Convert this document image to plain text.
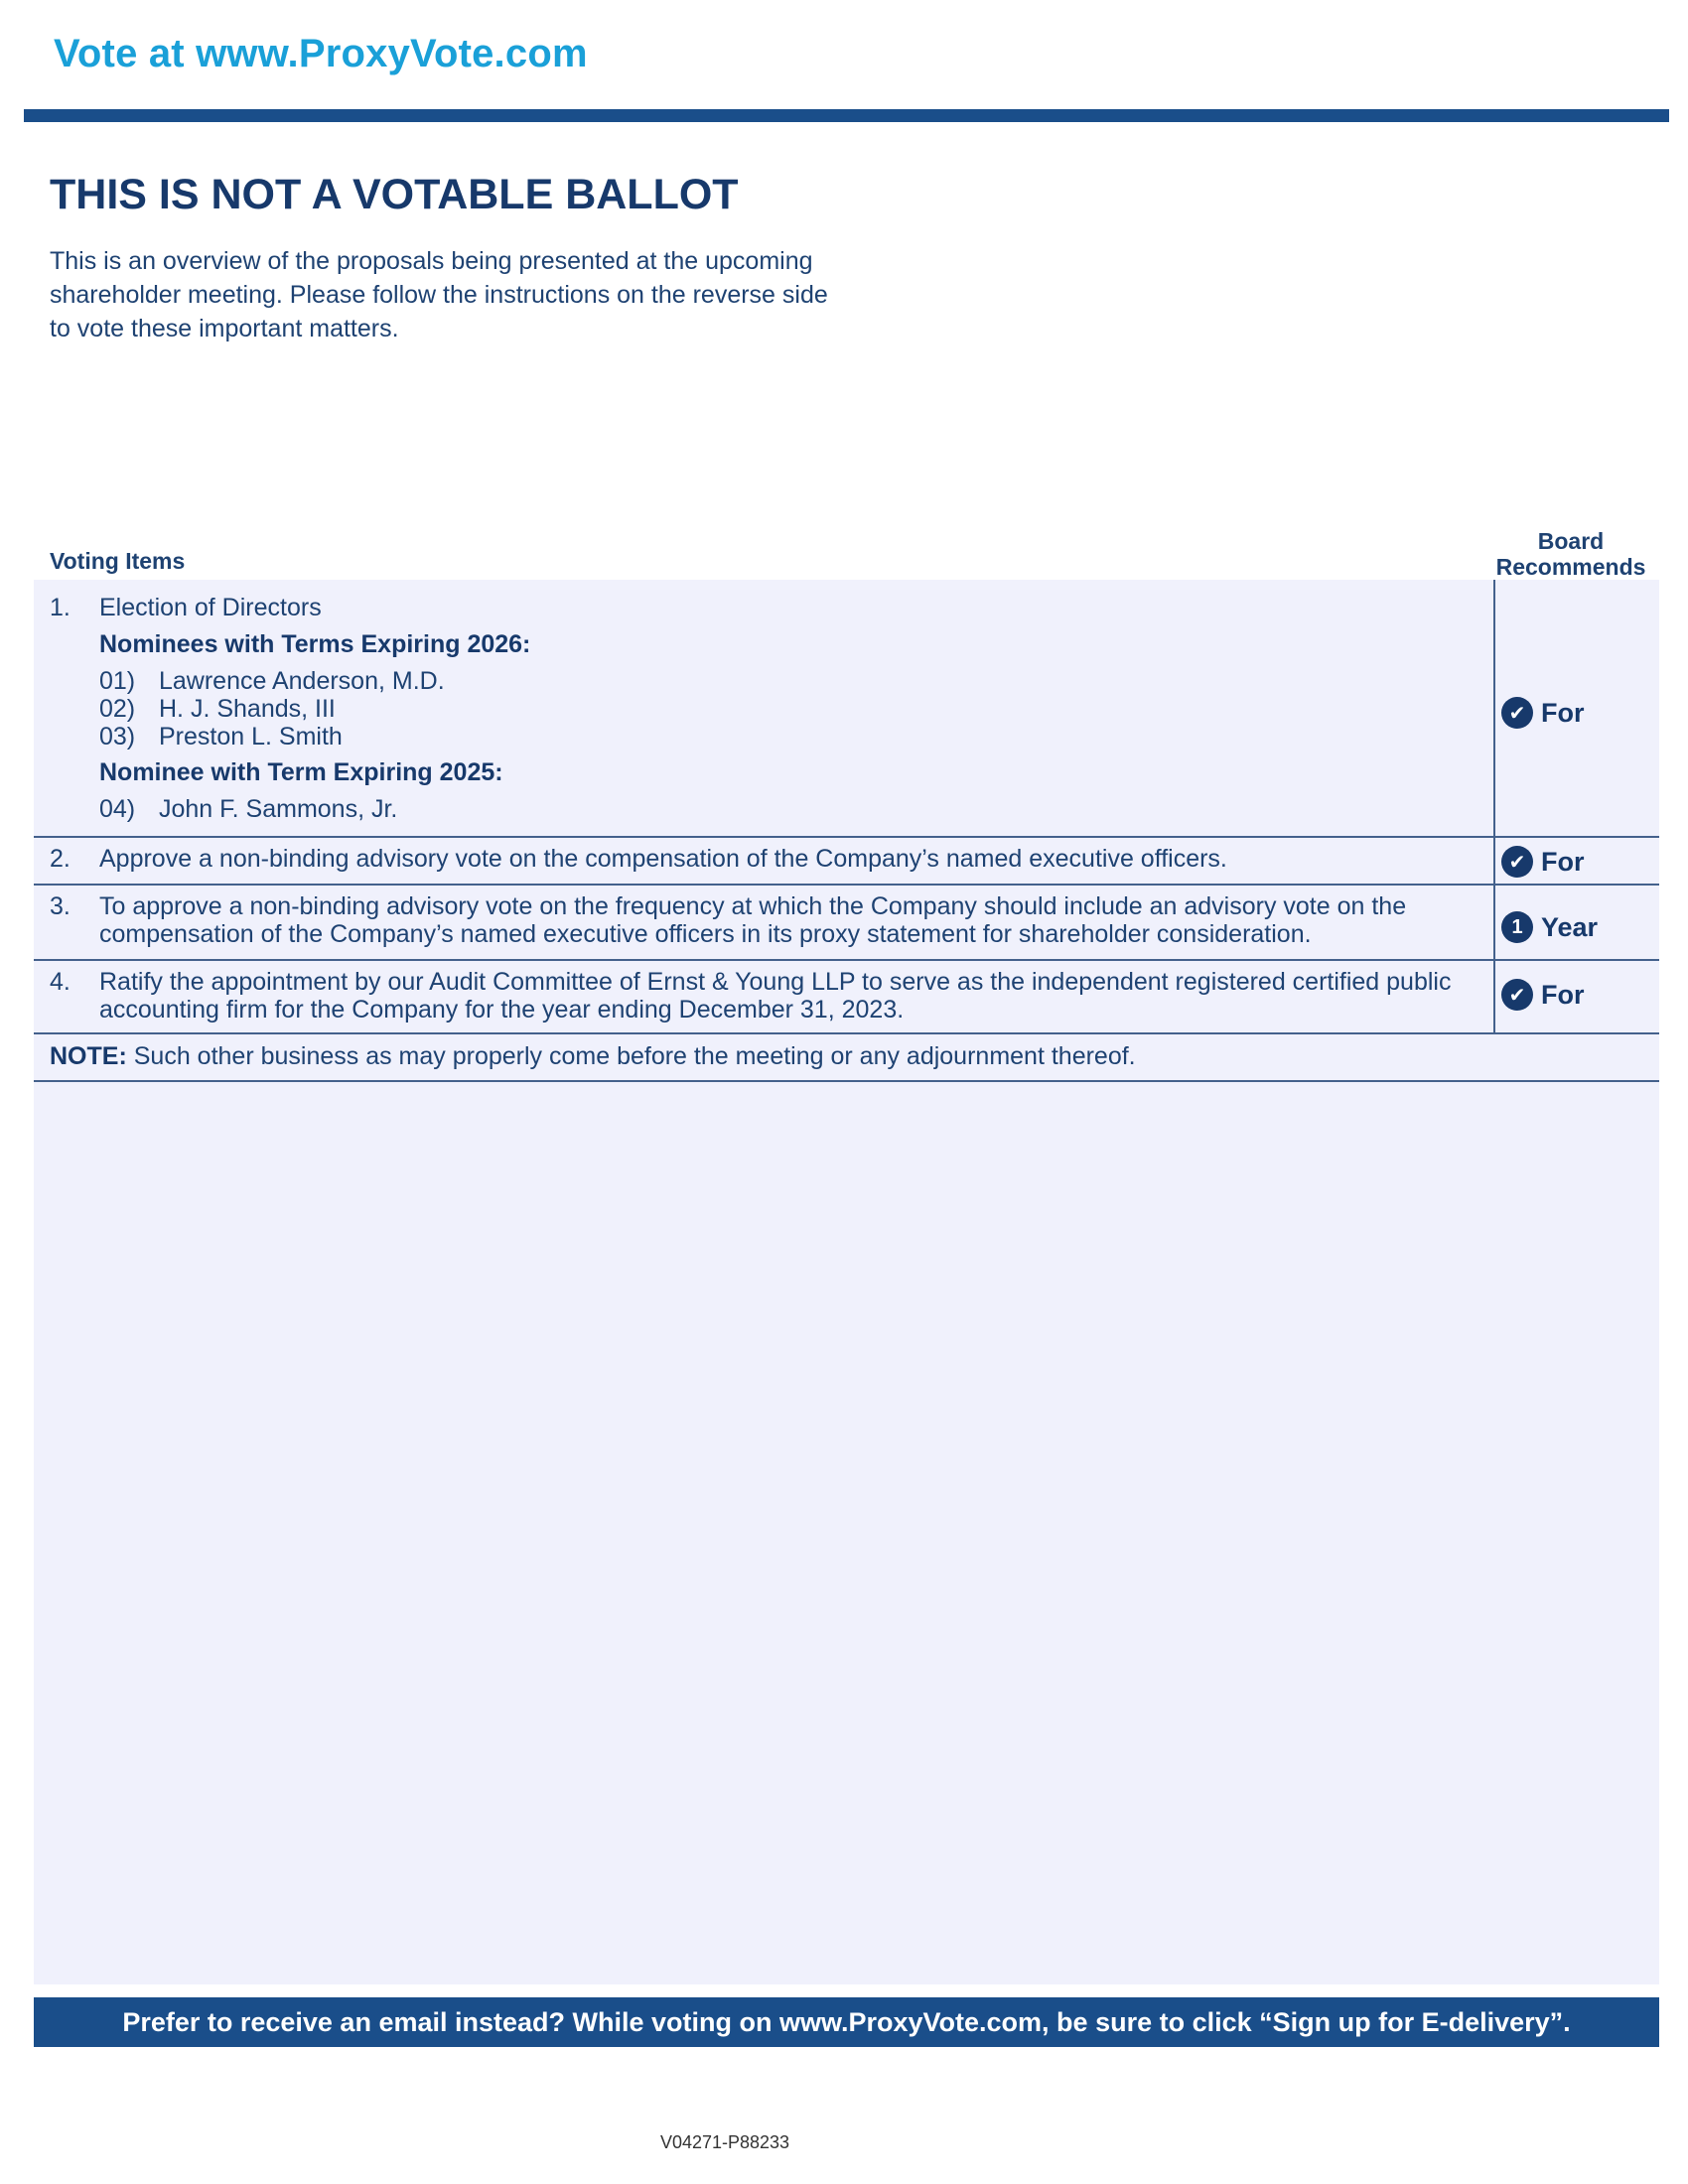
Vote at www.ProxyVote.com
THIS IS NOT A VOTABLE BALLOT
This is an overview of the proposals being presented at the upcoming shareholder meeting. Please follow the instructions on the reverse side to vote these important matters.
Voting Items
Board Recommends
1. Election of Directors
Nominees with Terms Expiring 2026:
01) Lawrence Anderson, M.D.
02) H. J. Shands, III
03) Preston L. Smith
Nominee with Term Expiring 2025:
04) John F. Sammons, Jr.
✔ For
2. Approve a non-binding advisory vote on the compensation of the Company’s named executive officers.	✔ For
3. To approve a non-binding advisory vote on the frequency at which the Company should include an advisory vote on the compensation of the Company’s named executive officers in its proxy statement for shareholder consideration.	1 Year
4. Ratify the appointment by our Audit Committee of Ernst & Young LLP to serve as the independent registered certified public accounting firm for the Company for the year ending December 31, 2023.
✔ For
NOTE: Such other business as may properly come before the meeting or any adjournment thereof.
Prefer to receive an email instead? While voting on www.ProxyVote.com, be sure to click “Sign up for E-delivery”.
V04271-P88233
